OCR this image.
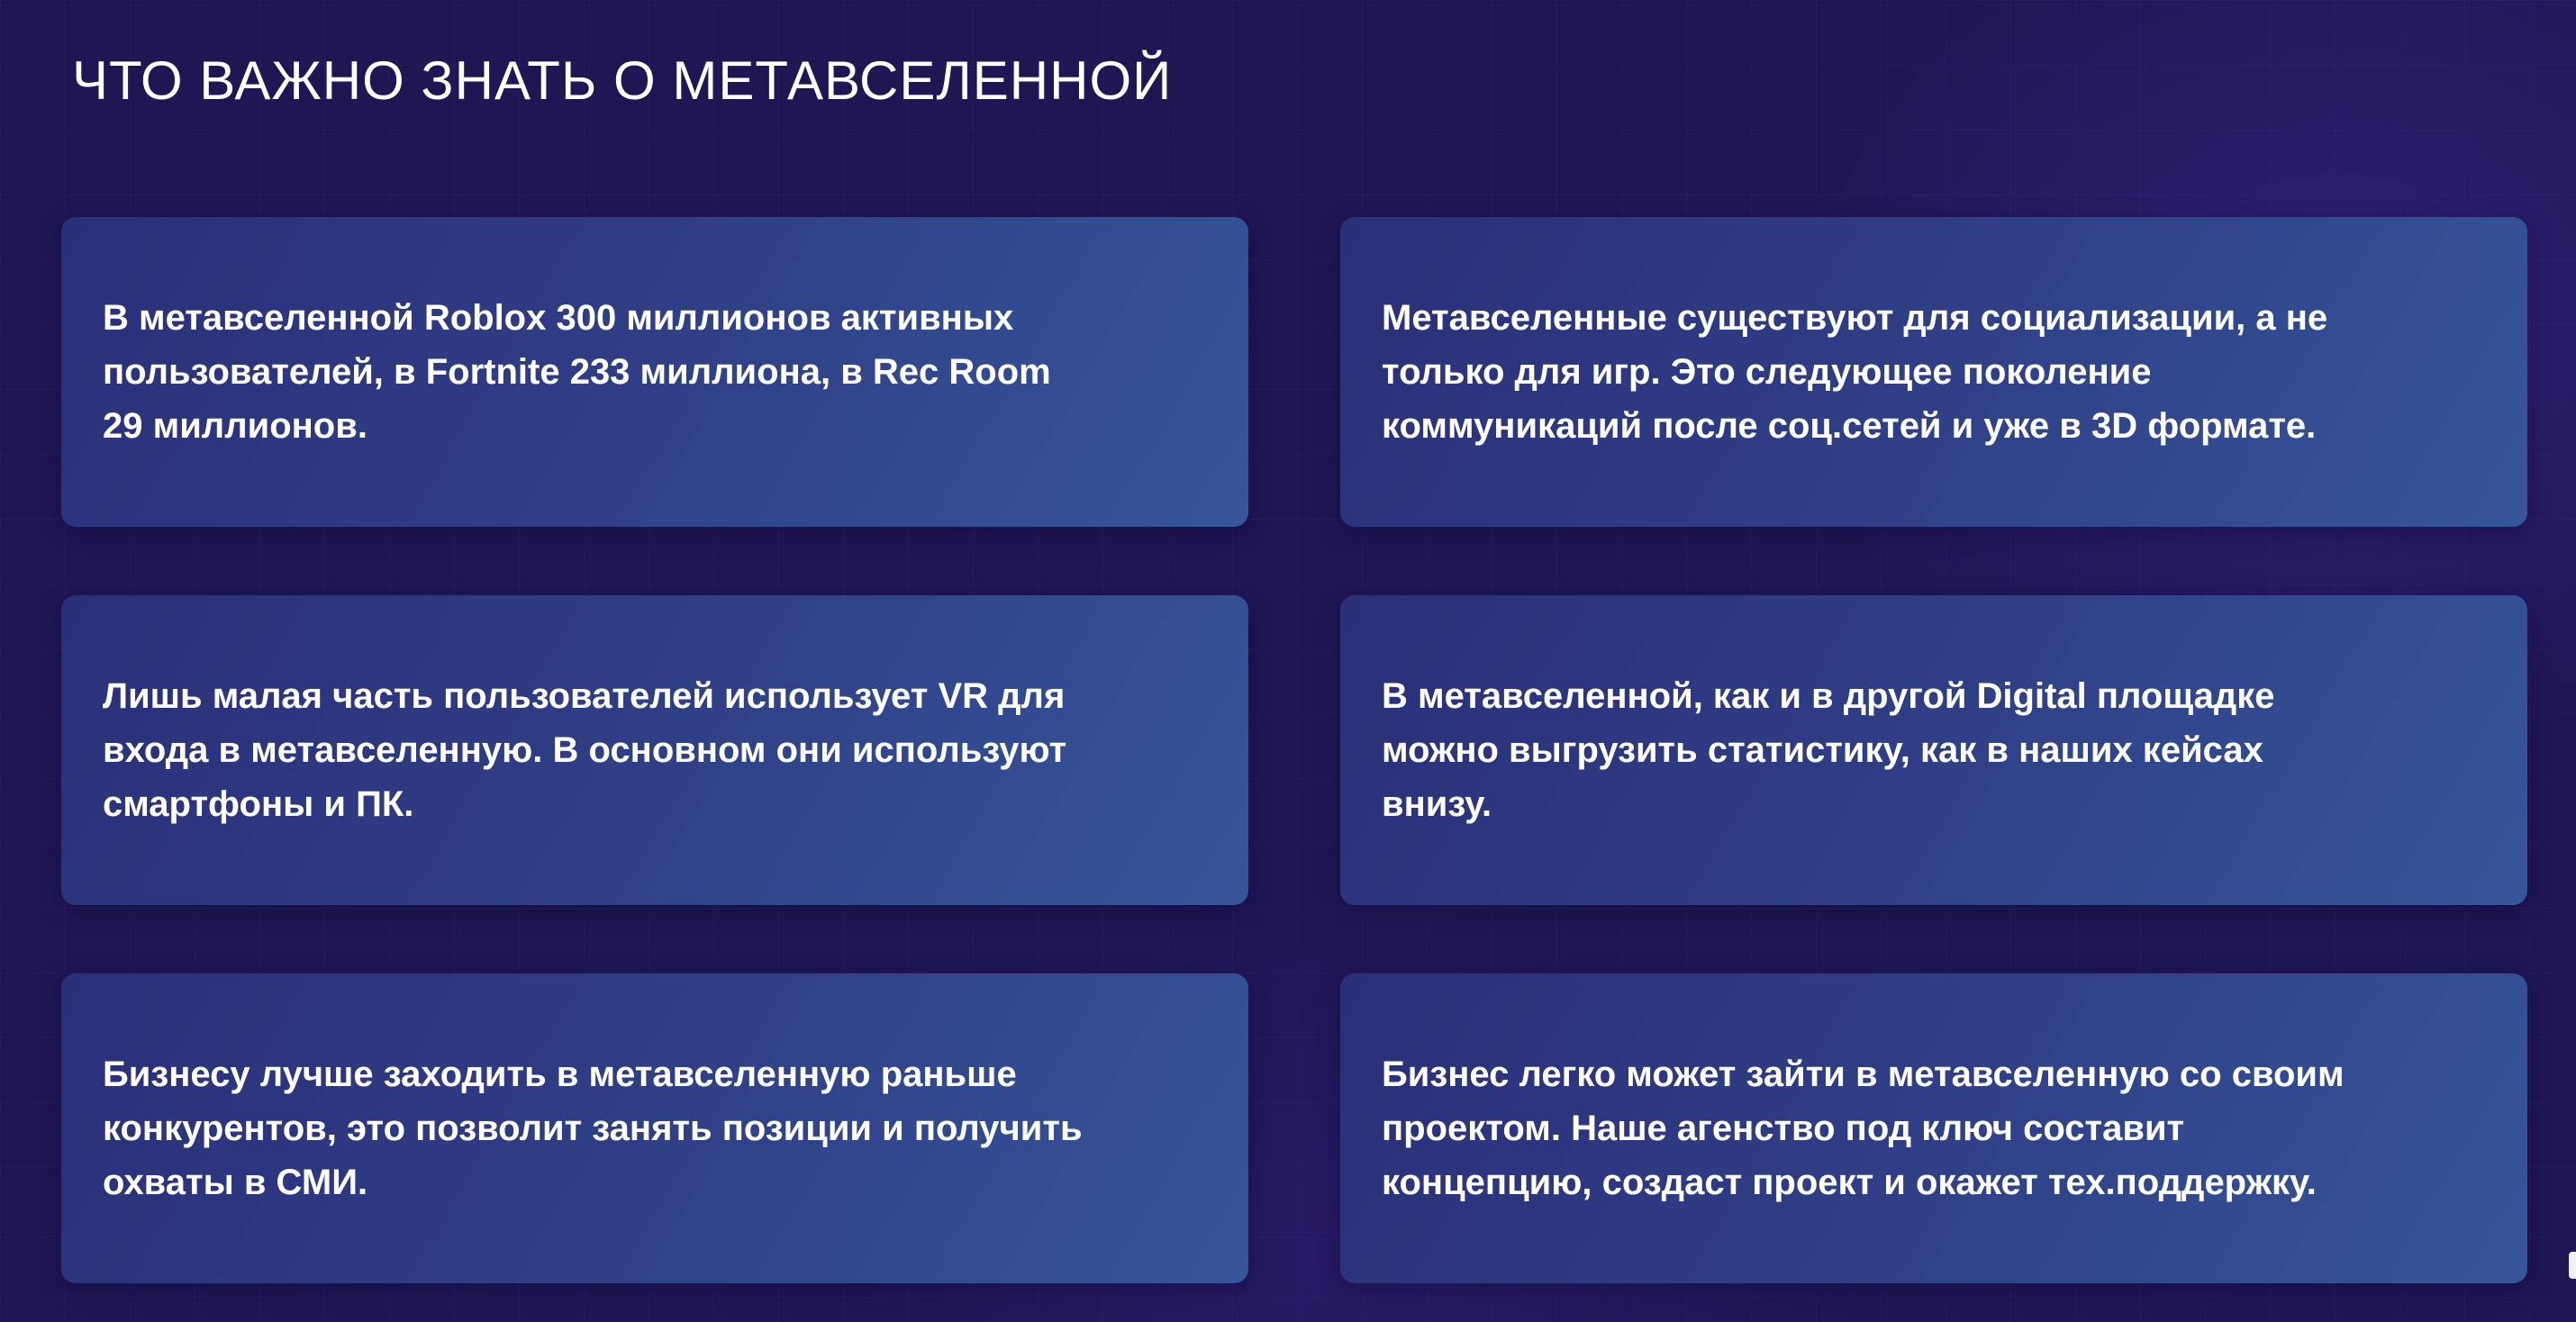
ЧТО ВАЖНО ЗНАТЬ О МЕТАВСЕЛЕННОЙ

В метавселенной Roblox 300 миллионов активных
пользователей, в Fortnite 233 миллиона, в Rec Room
29 миллионов.

Метавселенные существуют для социализации, а не
только для игр. Это следующее поколение
коммуникаций после соц.сетей и уже в 3D формате.

Лишь малая часть пользователей использует VR для
входа в метавселенную. В основном они используют
смартфоны и ПК.

В метавселенной, как и в другой Digital площадке
можно выгрузить статистику, как в наших кейсах
внизу.

Бизнесу лучше заходить в метавселенную раньше
конкурентов, это позволит занять позиции и получить
охваты в СМИ.

Бизнес легко может зайти в метавселенную со своим
проектом. Наше агенство под ключ составит
концепцию, создаст проект и окажет тех.поддержку.
